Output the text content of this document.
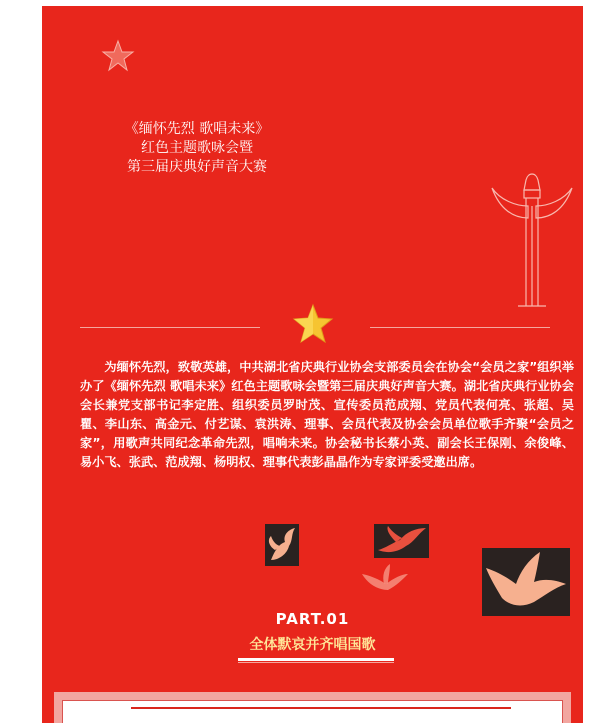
《缅怀先烈 歌唱未来》
红色主题歌咏会暨
第三届庆典好声音大赛
为缅怀先烈，致敬英雄，中共湖北省庆典行业协会支部委员会在协会“会员之家”组织举办了《缅怀先烈 歌唱未来》红色主题歌咏会暨第三届庆典好声音大赛。湖北省庆典行业协会会长兼党支部书记李定胜、组织委员罗时茂、宣传委员范成翔、党员代表何亮、张超、吴瞿、李山东、高金元、付艺谋、袁洪涛、理事、会员代表及协会会员单位歌手齐聚“会员之家”，用歌声共同纪念革命先烈，唱响未来。协会秘书长蔡小英、副会长王保刚、余俊峰、易小飞、张武、范成翔、杨明权、理事代表彭晶晶作为专家评委受邀出席。
PART.01
全体默哀并齐唱国歌
